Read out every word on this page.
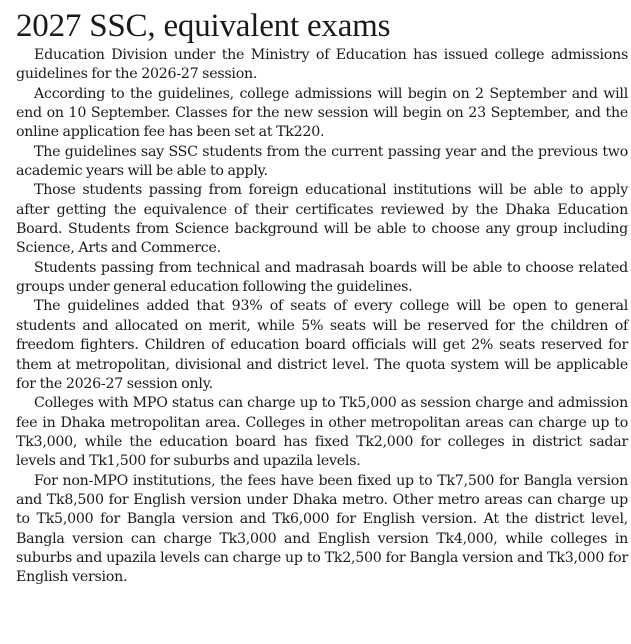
2027 SSC, equivalent exams

Education Division under the Ministry of Education has issued college admissions guidelines for the 2026-27 session.

According to the guidelines, college admissions will begin on 2 September and will end on 10 September. Classes for the new session will begin on 23 September, and the online application fee has been set at Tk220.

The guidelines say SSC students from the current passing year and the previous two academic years will be able to apply.

Those students passing from foreign educational institutions will be able to apply after getting the equivalence of their certificates reviewed by the Dhaka Education Board. Students from Science background will be able to choose any group including Science, Arts and Commerce.

Students passing from technical and madrasah boards will be able to choose related groups under general education following the guidelines.

The guidelines added that 93% of seats of every college will be open to general students and allocated on merit, while 5% seats will be reserved for the children of freedom fighters. Children of education board officials will get 2% seats reserved for them at metropolitan, divisional and district level. The quota system will be applicable for the 2026-27 session only.

Colleges with MPO status can charge up to Tk5,000 as session charge and admission fee in Dhaka metropolitan area. Colleges in other metropolitan areas can charge up to Tk3,000, while the education board has fixed Tk2,000 for colleges in district sadar levels and Tk1,500 for suburbs and upazila levels.

For non-MPO institutions, the fees have been fixed up to Tk7,500 for Bangla version and Tk8,500 for English version under Dhaka metro. Other metro areas can charge up to Tk5,000 for Bangla version and Tk6,000 for English version. At the district level, Bangla version can charge Tk3,000 and English version Tk4,000, while colleges in suburbs and upazila levels can charge up to Tk2,500 for Bangla version and Tk3,000 for English version.
